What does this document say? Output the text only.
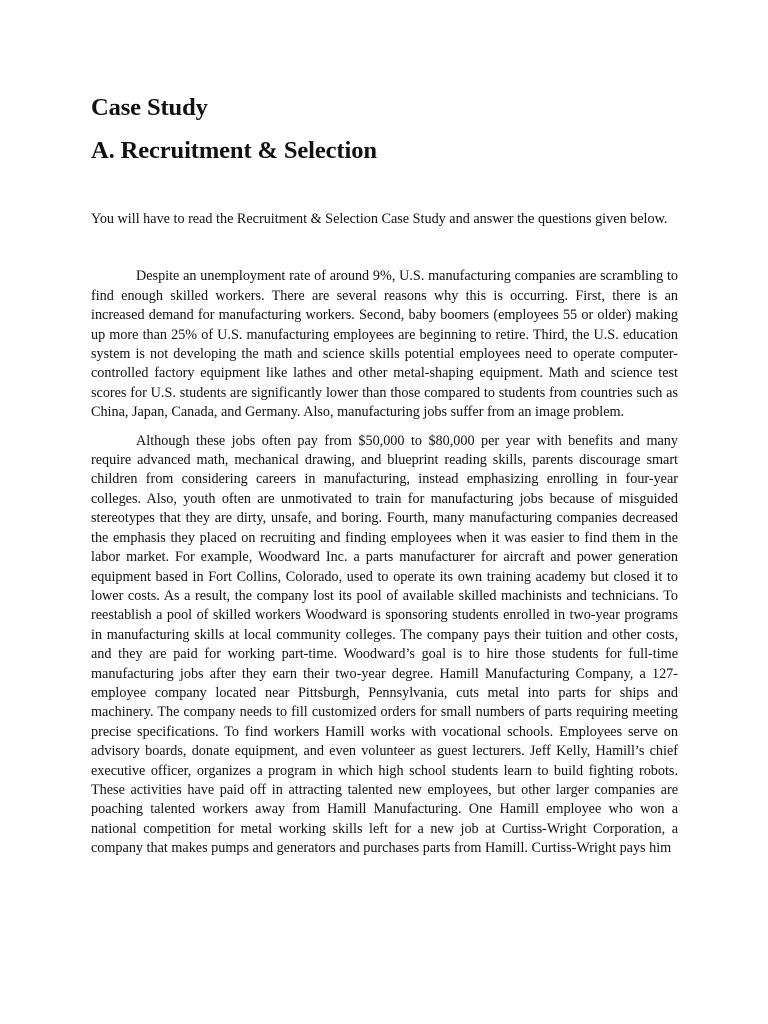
Case Study
A. Recruitment & Selection

You will have to read the Recruitment & Selection Case Study and answer the questions given below.

Despite an unemployment rate of around 9%, U.S. manufacturing companies are scrambling to find enough skilled workers. There are several reasons why this is occurring. First, there is an increased demand for manufacturing workers. Second, baby boomers (employees 55 or older) making up more than 25% of U.S. manufacturing employees are beginning to retire. Third, the U.S. education system is not developing the math and science skills potential employees need to operate computer-controlled factory equipment like lathes and other metal-shaping equipment. Math and science test scores for U.S. students are significantly lower than those compared to students from countries such as China, Japan, Canada, and Germany. Also, manufacturing jobs suffer from an image problem.

Although these jobs often pay from $50,000 to $80,000 per year with benefits and many require advanced math, mechanical drawing, and blueprint reading skills, parents discourage smart children from considering careers in manufacturing, instead emphasizing enrolling in four-year colleges. Also, youth often are unmotivated to train for manufacturing jobs because of misguided stereotypes that they are dirty, unsafe, and boring. Fourth, many manufacturing companies decreased the emphasis they placed on recruiting and finding employees when it was easier to find them in the labor market. For example, Woodward Inc. a parts manufacturer for aircraft and power generation equipment based in Fort Collins, Colorado, used to operate its own training academy but closed it to lower costs. As a result, the company lost its pool of available skilled machinists and technicians. To reestablish a pool of skilled workers Woodward is sponsoring students enrolled in two-year programs in manufacturing skills at local community colleges. The company pays their tuition and other costs, and they are paid for working part-time. Woodward’s goal is to hire those students for full-time manufacturing jobs after they earn their two-year degree. Hamill Manufacturing Company, a 127-employee company located near Pittsburgh, Pennsylvania, cuts metal into parts for ships and machinery. The company needs to fill customized orders for small numbers of parts requiring meeting precise specifications. To find workers Hamill works with vocational schools. Employees serve on advisory boards, donate equipment, and even volunteer as guest lecturers. Jeff Kelly, Hamill’s chief executive officer, organizes a program in which high school students learn to build fighting robots. These activities have paid off in attracting talented new employees, but other larger companies are poaching talented workers away from Hamill Manufacturing. One Hamill employee who won a national competition for metal working skills left for a new job at Curtiss-Wright Corporation, a company that makes pumps and generators and purchases parts from Hamill. Curtiss-Wright pays him
